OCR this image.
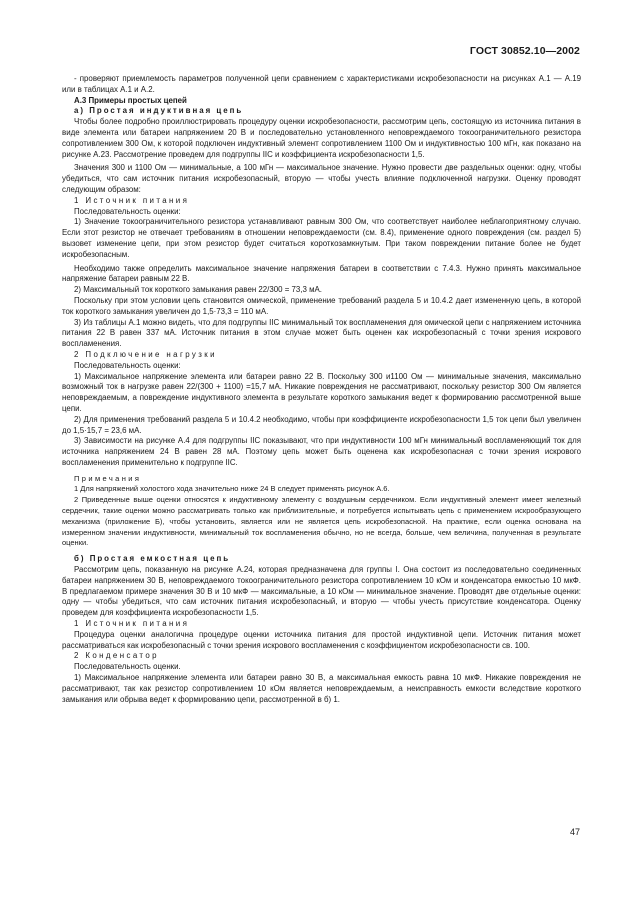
ГОСТ 30852.10—2002

- проверяют приемлемость параметров полученной цепи сравнением с характеристиками искробезопасности на рисунках А.1 — А.19 или в таблицах А.1 и А.2.

А.3 Примеры простых цепей

а) Простая индуктивная цепь

Чтобы более подробно проиллюстрировать процедуру оценки искробезопасности, рассмотрим цепь, состоящую из источника питания в виде элемента или батареи напряжением 20 В и последовательно установленного неповреждаемого токоограничительного резистора сопротивлением 300 Ом, к которой подключен индуктивный элемент сопротивлением 1100 Ом и индуктивностью 100 мГн, как показано на рисунке А.23. Рассмотрение проведем для подгруппы IIС и коэффициента искробезопасности 1,5.

Значения 300 и 1100 Ом — минимальные, а 100 мГн — максимальное значение. Нужно провести две раздельных оценки: одну, чтобы убедиться, что сам источник питания искробезопасный, вторую — чтобы учесть влияние подключенной нагрузки. Оценку проводят следующим образом:

1 Источник питания

Последовательность оценки:

1) Значение токоограничительного резистора устанавливают равным 300 Ом, что соответствует наиболее неблагоприятному случаю. Если этот резистор не отвечает требованиям в отношении неповреждаемости (см. 8.4), применение одного повреждения (см. раздел 5) вызовет изменение цепи, при этом резистор будет считаться короткозамкнутым. При таком повреждении питание более не будет искробезопасным.

Необходимо также определить максимальное значение напряжения батареи в соответствии с 7.4.3. Нужно принять максимальное напряжение батареи равным 22 В.

2) Максимальный ток короткого замыкания равен 22/300 = 73,3 мА.

Поскольку при этом условии цепь становится омической, применение требований раздела 5 и 10.4.2 дает измененную цепь, в которой ток короткого замыкания увеличен до 1,5·73,3 = 110 мА.

3) Из таблицы А.1 можно видеть, что для подгруппы IIС минимальный ток воспламенения для омической цепи с напряжением источника питания 22 В равен 337 мА. Источник питания в этом случае может быть оценен как искробезопасный с точки зрения искрового воспламенения.

2 Подключение нагрузки

Последовательность оценки:

1) Максимальное напряжение элемента или батареи равно 22 В. Поскольку 300 и1100 Ом — минимальные значения, максимально возможный ток в нагрузке равен 22/(300 + 1100) =15,7 мА. Никакие повреждения не рассматривают, поскольку резистор 300 Ом является неповреждаемым, а повреждение индуктивного элемента в результате короткого замыкания ведет к формированию рассмотренной выше цепи.

2) Для применения требований раздела 5 и 10.4.2 необходимо, чтобы при коэффициенте искробезопасности 1,5 ток цепи был увеличен до 1,5·15,7 = 23,6 мА.

3) Зависимости на рисунке А.4 для подгруппы IIС показывают, что при индуктивности 100 мГн минимальный воспламеняющий ток для источника напряжением 24 В равен 28 мА. Поэтому цепь может быть оценена как искробезопасная с точки зрения искрового воспламенения применительно к подгруппе IIС.

Примечания

1 Для напряжений холостого хода значительно ниже 24 В следует применять рисунок А.6.

2 Приведенные выше оценки относятся к индуктивному элементу с воздушным сердечником. Если индуктивный элемент имеет железный сердечник, такие оценки можно рассматривать только как приблизительные, и потребуется испытывать цепь с применением искрообразующего механизма (приложение Б), чтобы установить, является или не является цепь искробезопасной. На практике, если оценка основана на измеренном значении индуктивности, минимальный ток воспламенения обычно, но не всегда, больше, чем величина, полученная в результате оценки.

б) Простая емкостная цепь

Рассмотрим цепь, показанную на рисунке А.24, которая предназначена для группы I. Она состоит из последовательно соединенных батареи напряжением 30 В, неповреждаемого токоограничительного резистора сопротивлением 10 кОм и конденсатора емкостью 10 мкФ. В предлагаемом примере значения 30 В и 10 мкФ — максимальные, а 10 кОм — минимальное значение. Проводят две отдельные оценки: одну — чтобы убедиться, что сам источник питания искробезопасный, и вторую — чтобы учесть присутствие конденсатора. Оценку проведем для коэффициента искробезопасности 1,5.

1 Источник питания

Процедура оценки аналогична процедуре оценки источника питания для простой индуктивной цепи. Источник питания может рассматриваться как искробезопасный с точки зрения искрового воспламенения с коэффициентом искробезопасности св. 100.

2 Конденсатор

Последовательность оценки.

1) Максимальное напряжение элемента или батареи равно 30 В, а максимальная емкость равна 10 мкФ. Никакие повреждения не рассматривают, так как резистор сопротивлением 10 кОм является неповреждаемым, а неисправность емкости вследствие короткого замыкания или обрыва ведет к формированию цепи, рассмотренной в б) 1.

47
